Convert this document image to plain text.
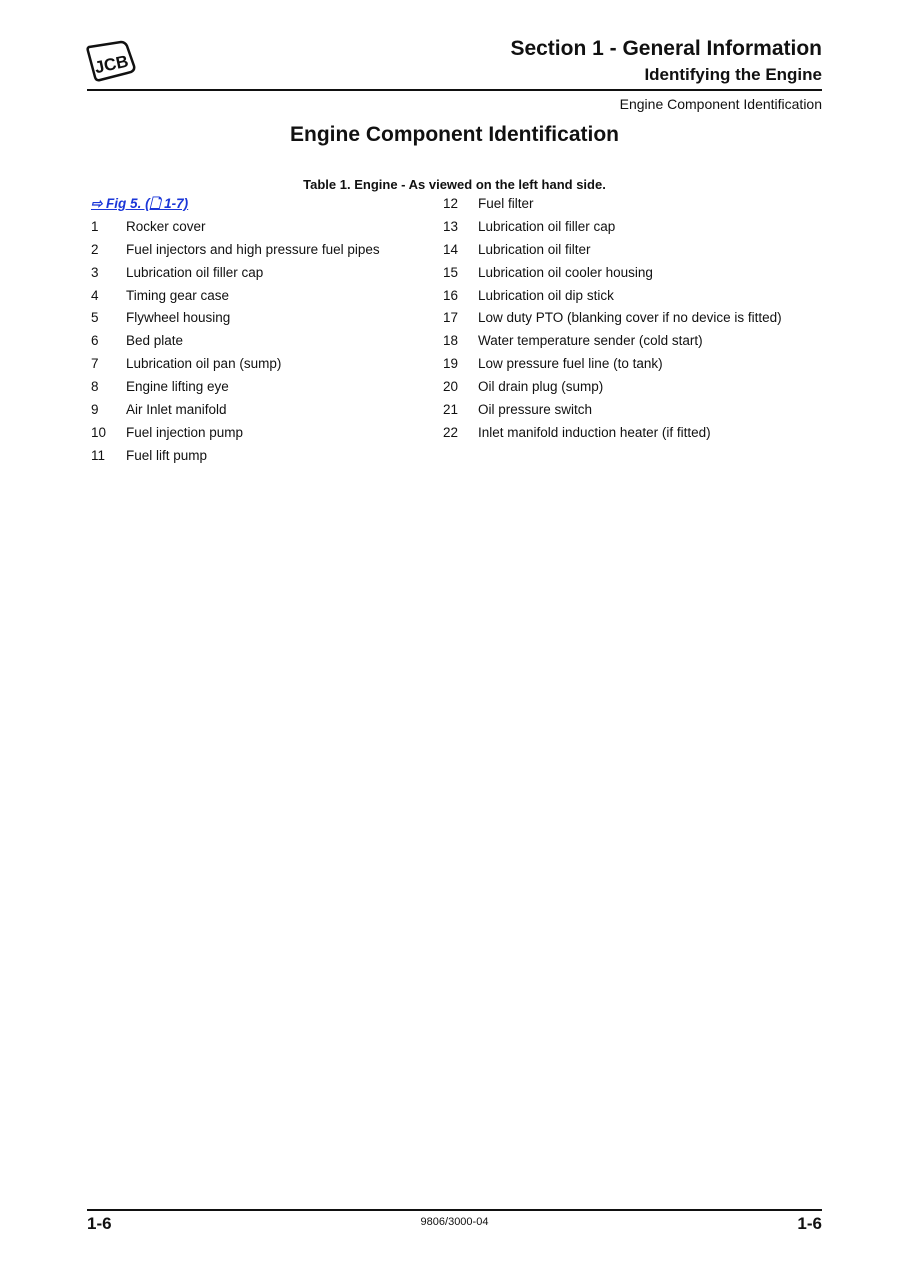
JCB
Section 1 - General Information
Identifying the Engine
Engine Component Identification
Engine Component Identification
Table 1. Engine - As viewed on the left hand side.
⇨ Fig 5. (🗋 1-7)
1	Rocker cover
2	Fuel injectors and high pressure fuel pipes
3	Lubrication oil filler cap
4	Timing gear case
5	Flywheel housing
6	Bed plate
7	Lubrication oil pan (sump)
8	Engine lifting eye
9	Air Inlet manifold
10	Fuel injection pump
11	Fuel lift pump
12	Fuel filter
13	Lubrication oil filler cap
14	Lubrication oil filter
15	Lubrication oil cooler housing
16	Lubrication oil dip stick
17	Low duty PTO (blanking cover if no device is fitted)
18	Water temperature sender (cold start)
19	Low pressure fuel line (to tank)
20	Oil drain plug (sump)
21	Oil pressure switch
22	Inlet manifold induction heater (if fitted)
1-6	9806/3000-04	1-6
